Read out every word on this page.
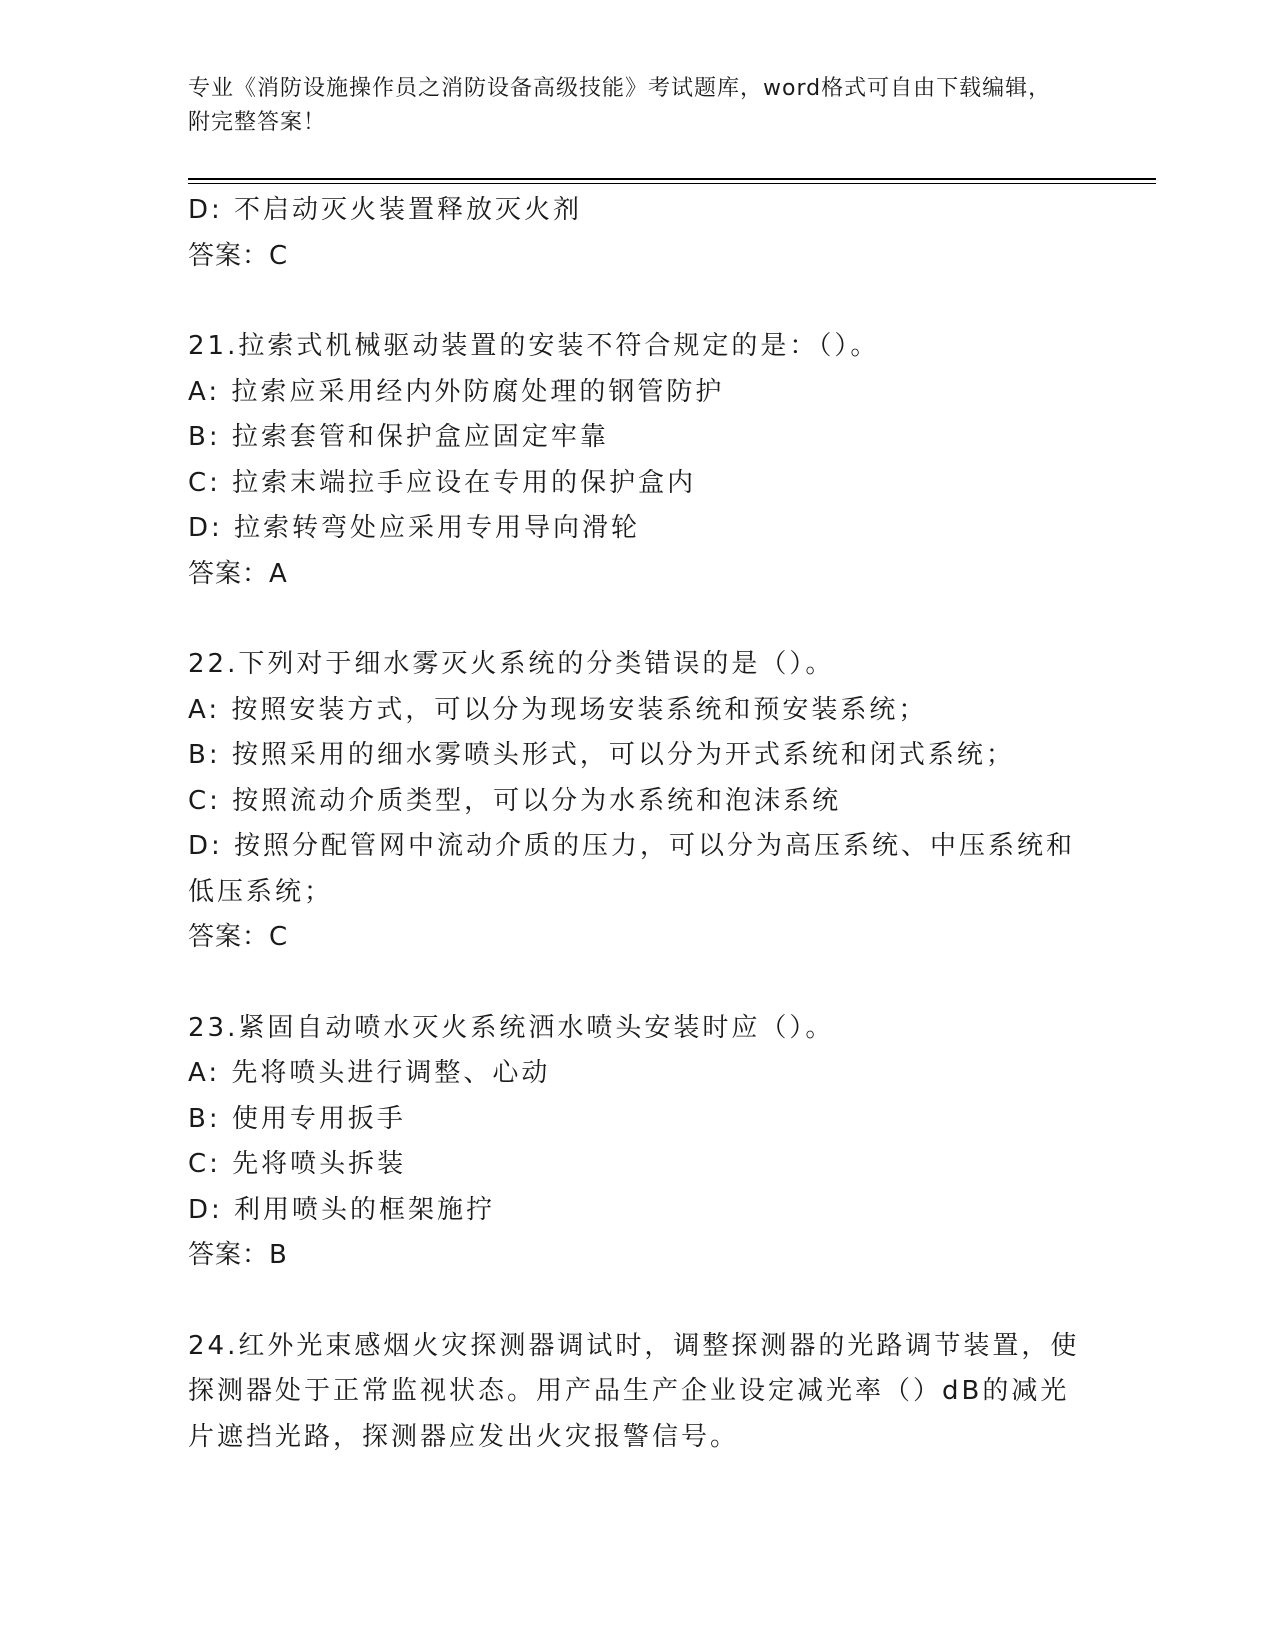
专业《消防设施操作员之消防设备高级技能》考试题库，word格式可自由下载编辑，附完整答案！
D: 不启动灭火装置释放灭火剂
答案：C
21.拉索式机械驱动装置的安装不符合规定的是：（）。
A: 拉索应采用经内外防腐处理的钢管防护
B: 拉索套管和保护盒应固定牢靠
C: 拉索末端拉手应设在专用的保护盒内
D: 拉索转弯处应采用专用导向滑轮
答案：A
22.下列对于细水雾灭火系统的分类错误的是（）。
A: 按照安装方式，可以分为现场安装系统和预安装系统；
B: 按照采用的细水雾喷头形式，可以分为开式系统和闭式系统；
C: 按照流动介质类型，可以分为水系统和泡沫系统
D: 按照分配管网中流动介质的压力，可以分为高压系统、中压系统和
低压系统；
答案：C
23.紧固自动喷水灭火系统洒水喷头安装时应（）。
A: 先将喷头进行调整、心动
B: 使用专用扳手
C: 先将喷头拆装
D: 利用喷头的框架施拧
答案：B
24.红外光束感烟火灾探测器调试时，调整探测器的光路调节装置，使
探测器处于正常监视状态。用产品生产企业设定减光率（）dB的减光
片遮挡光路，探测器应发出火灾报警信号。
